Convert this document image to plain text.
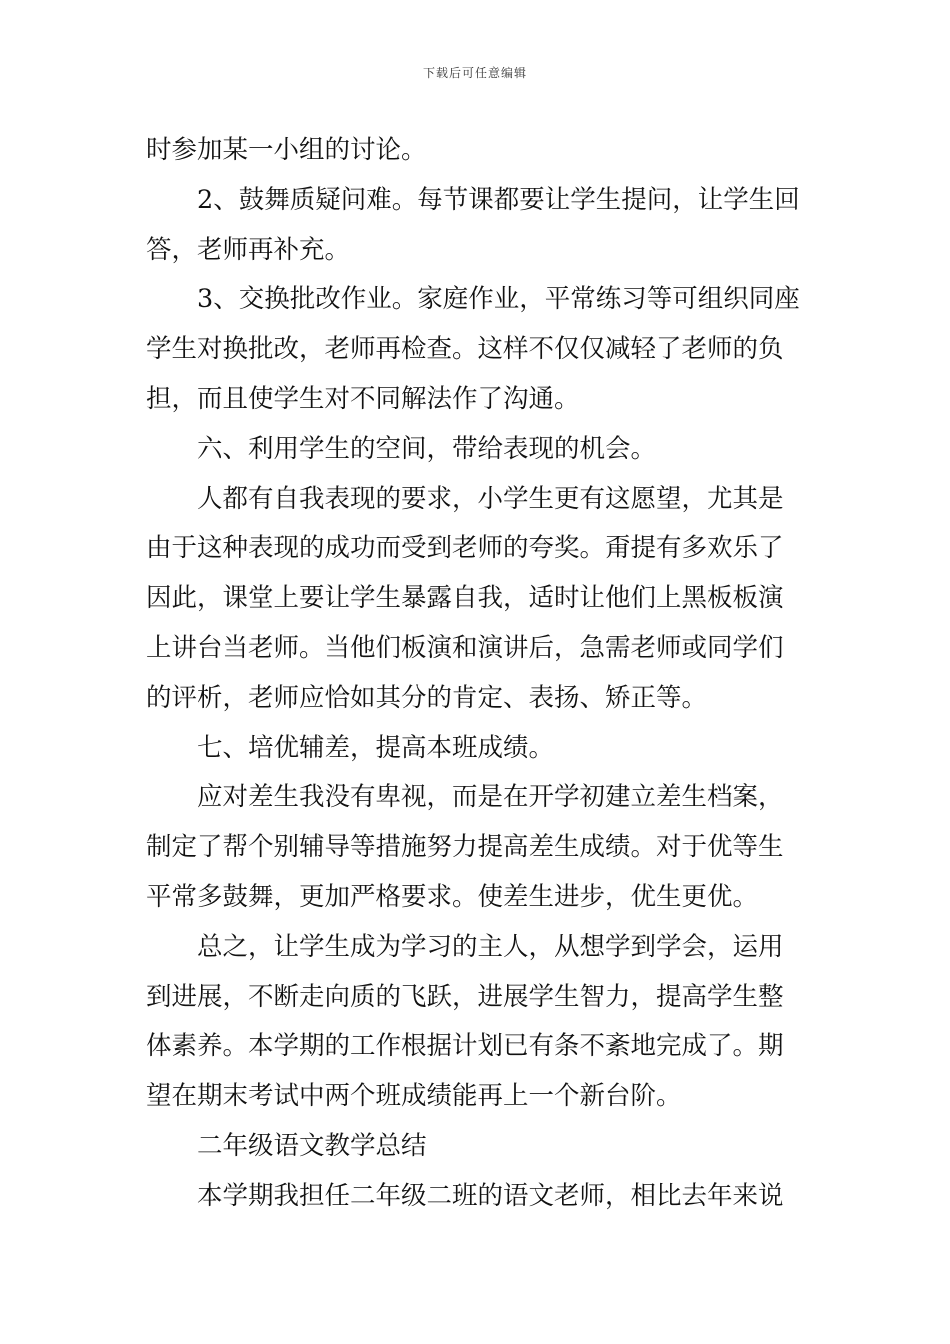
下载后可任意编辑
时参加某一小组的讨论。
2、鼓舞质疑问难。每节课都要让学生提问，让学生回
答，老师再补充。
3、交换批改作业。家庭作业，平常练习等可组织同座
学生对换批改，老师再检查。这样不仅仅减轻了老师的负
担，而且使学生对不同解法作了沟通。
六、利用学生的空间，带给表现的机会。
人都有自我表现的要求，小学生更有这愿望，尤其是
由于这种表现的成功而受到老师的夸奖。甭提有多欢乐了
因此，课堂上要让学生暴露自我，适时让他们上黑板板演
上讲台当老师。当他们板演和演讲后，急需老师或同学们
的评析，老师应恰如其分的肯定、表扬、矫正等。
七、培优辅差，提高本班成绩。
应对差生我没有卑视，而是在开学初建立差生档案，
制定了帮个别辅导等措施努力提高差生成绩。对于优等生
平常多鼓舞，更加严格要求。使差生进步，优生更优。
总之，让学生成为学习的主人，从想学到学会，运用
到进展，不断走向质的飞跃，进展学生智力，提高学生整
体素养。本学期的工作根据计划已有条不紊地完成了。期
望在期末考试中两个班成绩能再上一个新台阶。
二年级语文教学总结
本学期我担任二年级二班的语文老师，相比去年来说
